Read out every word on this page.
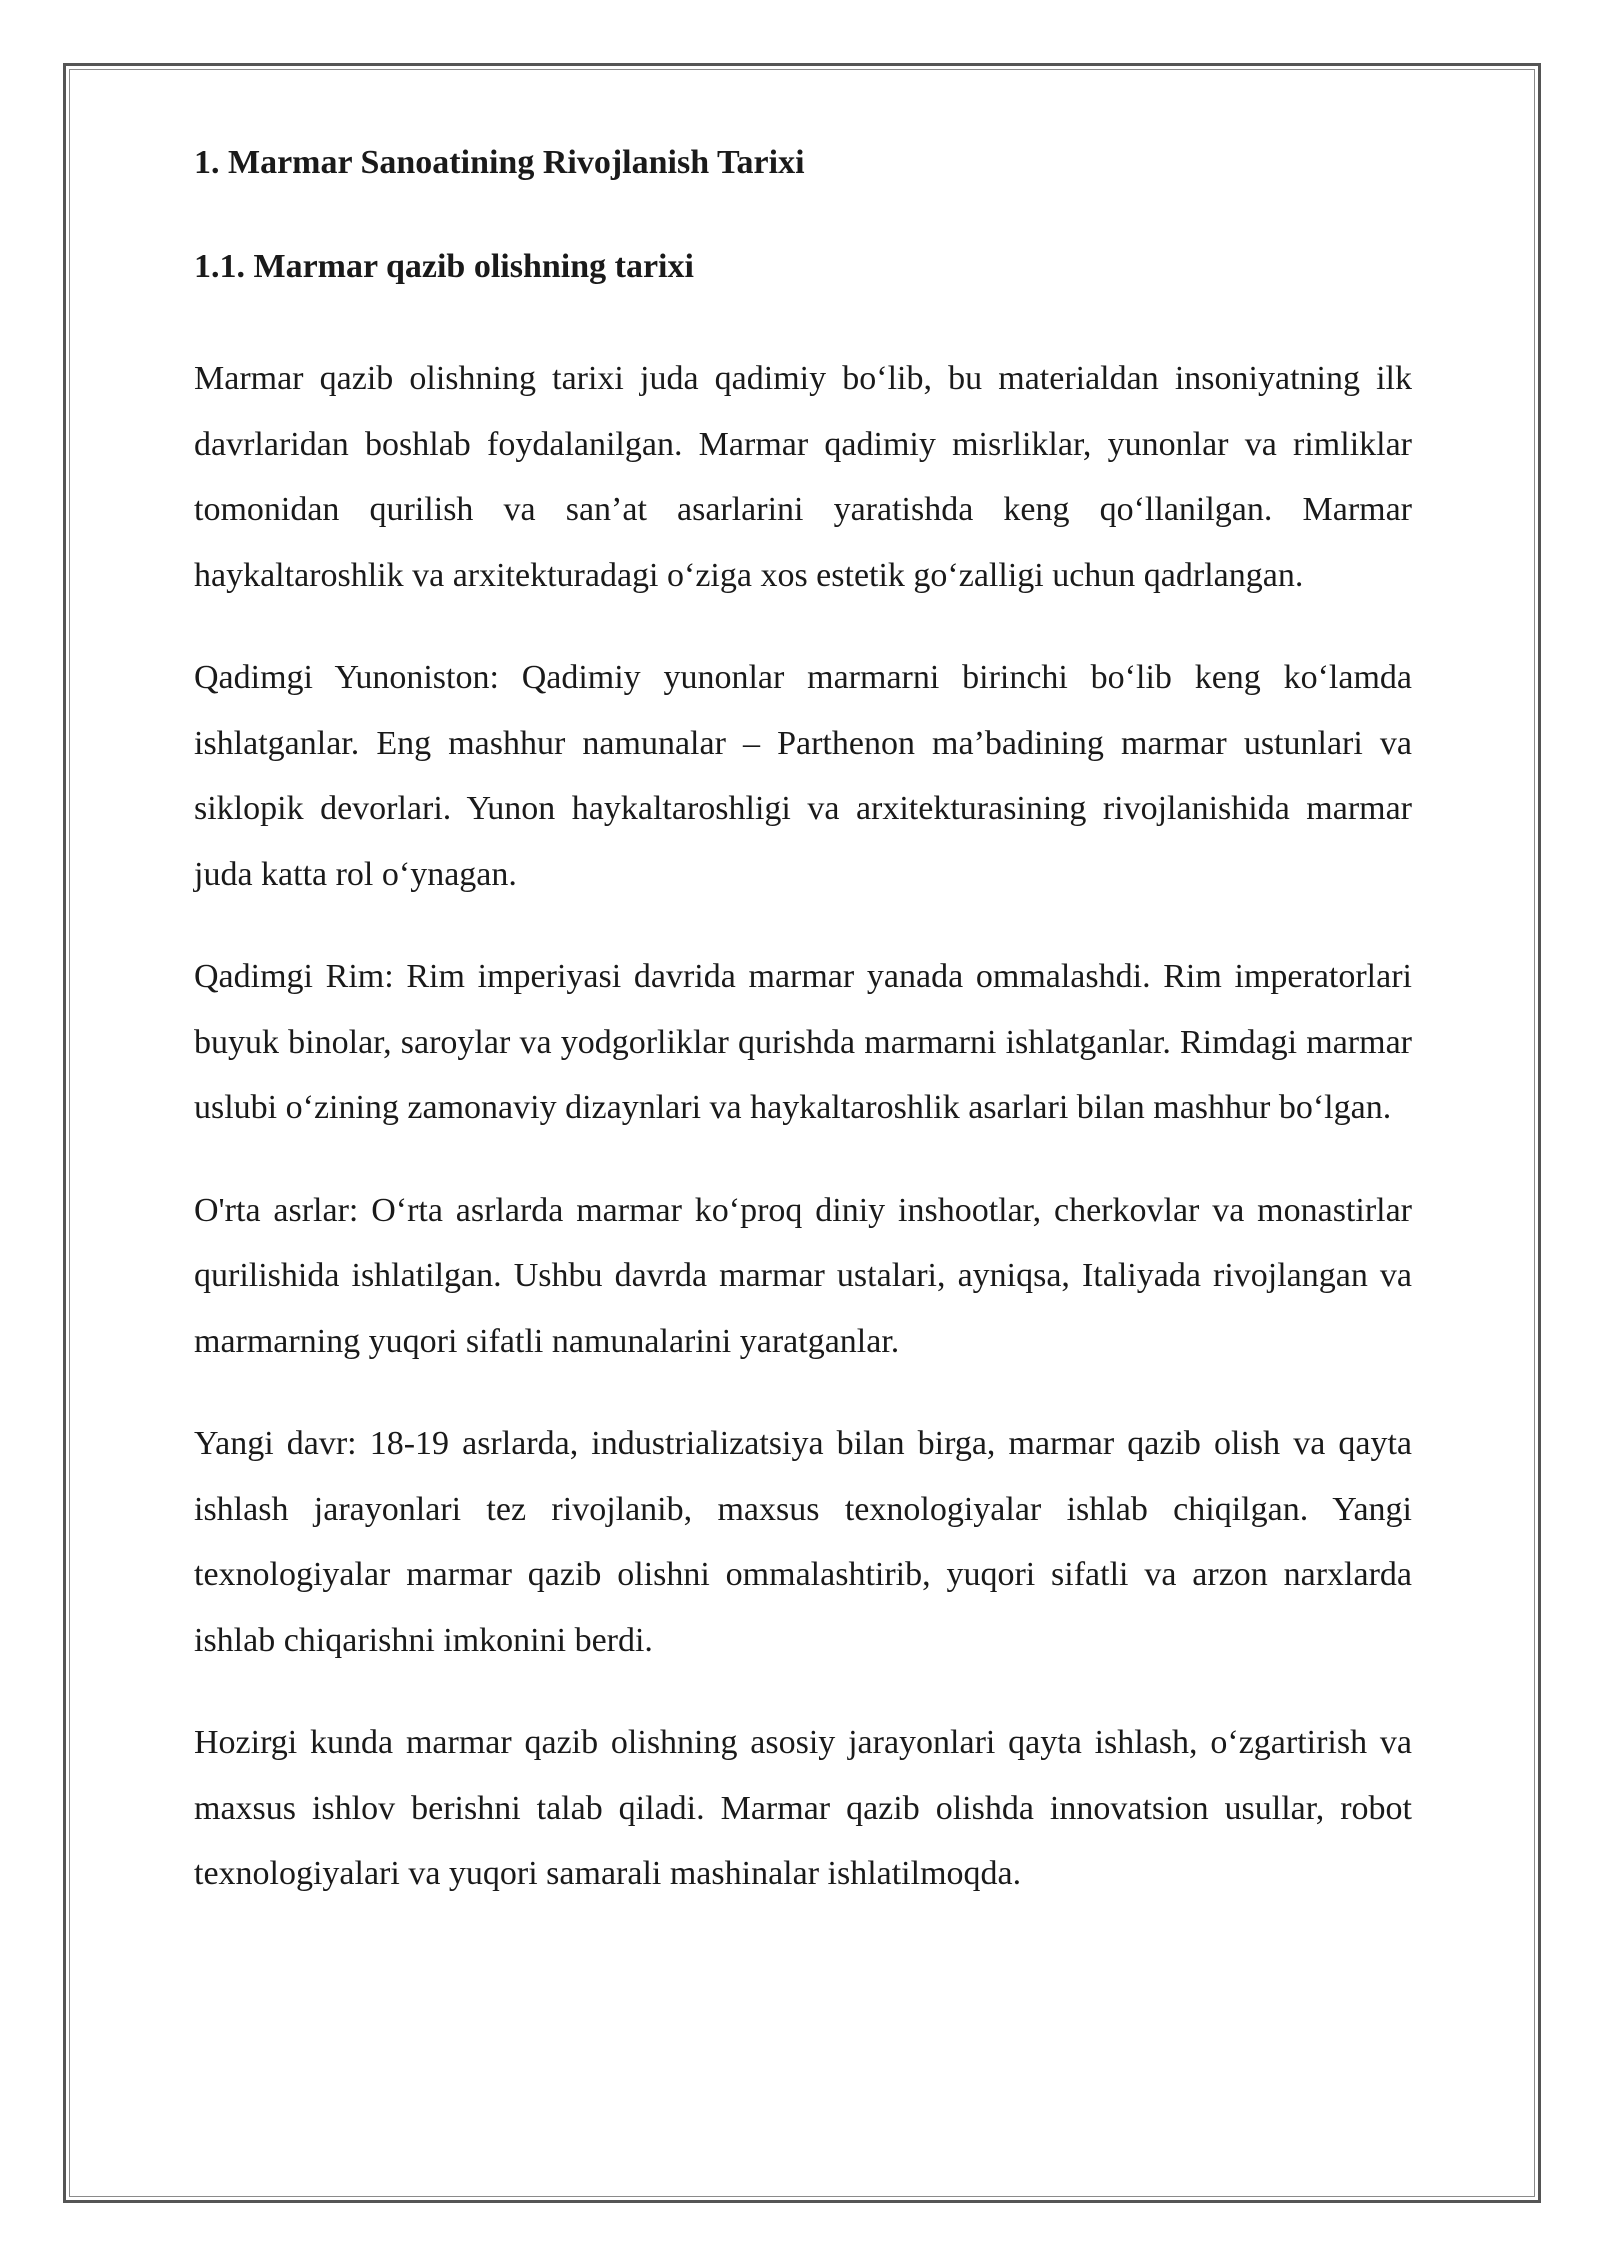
1. Marmar Sanoatining Rivojlanish Tarixi
1.1. Marmar qazib olishning tarixi

Marmar qazib olishning tarixi juda qadimiy bo‘lib, bu materialdan insoniyatning ilk davrlaridan boshlab foydalanilgan. Marmar qadimiy misrliklar, yunonlar va rimliklar tomonidan qurilish va san’at asarlarini yaratishda keng qo‘llanilgan. Marmar haykaltaroshlik va arxitekturadagi o‘ziga xos estetik go‘zalligi uchun qadrlangan.

Qadimgi Yunoniston: Qadimiy yunonlar marmarni birinchi bo‘lib keng ko‘lamda ishlatganlar. Eng mashhur namunalar – Parthenon ma’badining marmar ustunlari va siklopik devorlari. Yunon haykaltaroshligi va arxitekturasining rivojlanishida marmar juda katta rol o‘ynagan.

Qadimgi Rim: Rim imperiyasi davrida marmar yanada ommalashdi. Rim imperatorlari buyuk binolar, saroylar va yodgorliklar qurishda marmarni ishlatganlar. Rimdagi marmar uslubi o‘zining zamonaviy dizaynlari va haykaltaroshlik asarlari bilan mashhur bo‘lgan.

O'rta asrlar: O‘rta asrlarda marmar ko‘proq diniy inshootlar, cherkovlar va monastirlar qurilishida ishlatilgan. Ushbu davrda marmar ustalari, ayniqsa, Italiyada rivojlangan va marmarning yuqori sifatli namunalarini yaratganlar.

Yangi davr: 18-19 asrlarda, industrializatsiya bilan birga, marmar qazib olish va qayta ishlash jarayonlari tez rivojlanib, maxsus texnologiyalar ishlab chiqilgan. Yangi texnologiyalar marmar qazib olishni ommalashtirib, yuqori sifatli va arzon narxlarda ishlab chiqarishni imkonini berdi.

Hozirgi kunda marmar qazib olishning asosiy jarayonlari qayta ishlash, o‘zgartirish va maxsus ishlov berishni talab qiladi. Marmar qazib olishda innovatsion usullar, robot texnologiyalari va yuqori samarali mashinalar ishlatilmoqda.
